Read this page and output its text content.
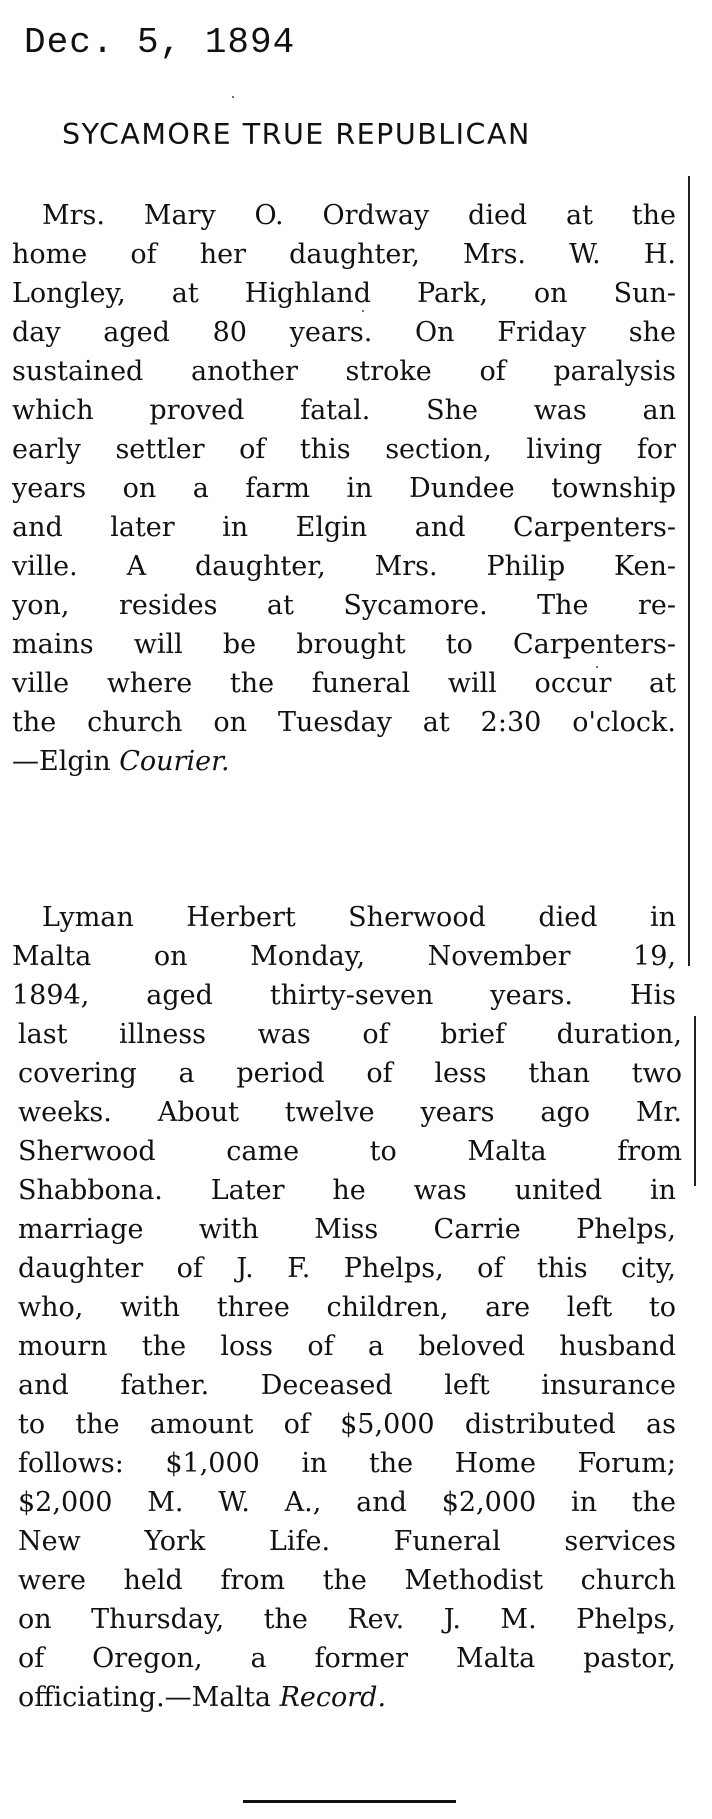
Dec. 5, 1894
SYCAMORE TRUE REPUBLICAN
Mrs. Mary O. Ordway died at the
home of her daughter, Mrs. W. H.
Longley, at Highland Park, on Sun-
day aged 80 years. On Friday she
sustained another stroke of paralysis
which proved fatal. She was an
early settler of this section, living for
years on a farm in Dundee township
and later in Elgin and Carpenters-
ville. A daughter, Mrs. Philip Ken-
yon, resides at Sycamore. The re-
mains will be brought to Carpenters-
ville where the funeral will occur at
the church on Tuesday at 2:30 o'clock.
—Elgin Courier.
Lyman Herbert Sherwood died in
Malta on Monday, November 19,
1894, aged thirty-seven years. His
last illness was of brief duration,
covering a period of less than two
weeks. About twelve years ago Mr.
Sherwood came to Malta from
Shabbona. Later he was united in
marriage with Miss Carrie Phelps,
daughter of J. F. Phelps, of this city,
who, with three children, are left to
mourn the loss of a beloved husband
and father. Deceased left insurance
to the amount of $5,000 distributed as
follows: $1,000 in the Home Forum;
$2,000 M. W. A., and $2,000 in the
New York Life. Funeral services
were held from the Methodist church
on Thursday, the Rev. J. M. Phelps,
of Oregon, a former Malta pastor,
officiating.—Malta Record.
